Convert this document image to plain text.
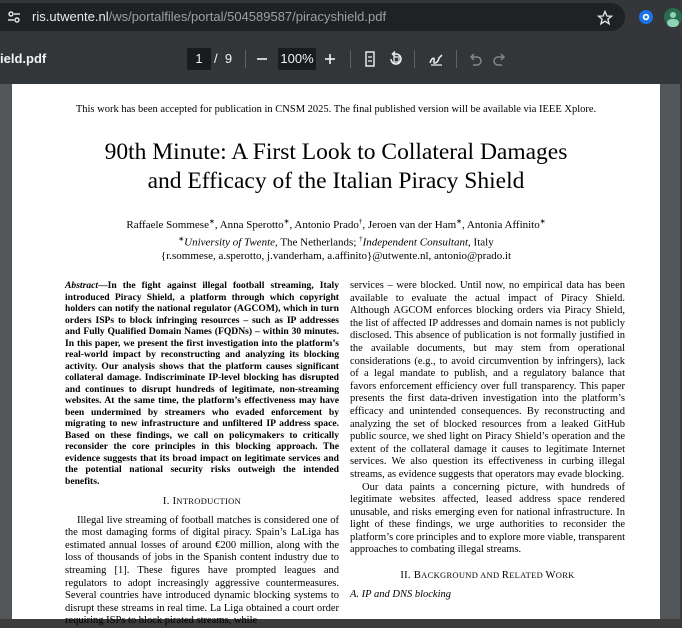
ris.utwente.nl/ws/portalfiles/portal/504589587/piracyshield.pdf
ield.pdf	1 / 9	100%
This work has been accepted for publication in CNSM 2025. The final published version will be available via IEEE Xplore.
90th Minute: A First Look to Collateral Damages
and Efficacy of the Italian Piracy Shield
Raffaele Sommese∗, Anna Sperotto∗, Antonio Prado†, Jeroen van der Ham∗, Antonia Affinito∗
∗University of Twente, The Netherlands; †Independent Consultant, Italy
{r.sommese, a.sperotto, j.vanderham, a.affinito}@utwente.nl, antonio@prado.it

Abstract—In the fight against illegal football streaming, Italy introduced Piracy Shield, a platform through which copyright holders can notify the national regulator (AGCOM), which in turn orders ISPs to block infringing resources – such as IP addresses and Fully Qualified Domain Names (FQDNs) – within 30 minutes. In this paper, we present the first investigation into the platform’s real-world impact by reconstructing and analyzing its blocking activity. Our analysis shows that the platform causes significant collateral damage. Indiscriminate IP-level blocking has disrupted and continues to disrupt hundreds of legitimate, non-streaming websites. At the same time, the platform’s effectiveness may have been undermined by streamers who evaded enforcement by migrating to new infrastructure and unfiltered IP address space. Based on these findings, we call on policymakers to critically reconsider the core principles in this blocking approach. The evidence suggests that its broad impact on legitimate services and the potential national security risks outweigh the intended benefits.

I. INTRODUCTION

Illegal live streaming of football matches is considered one of the most damaging forms of digital piracy. Spain’s LaLiga has estimated annual losses of around €200 million, along with the loss of thousands of jobs in the Spanish content industry due to streaming [1]. These figures have prompted leagues and regulators to adopt increasingly aggressive countermeasures. Several countries have introduced dynamic blocking systems to disrupt these streams in real time. La Liga obtained a court order requiring ISPs to block pirated streams, while

services – were blocked. Until now, no empirical data has been available to evaluate the actual impact of Piracy Shield. Although AGCOM enforces blocking orders via Piracy Shield, the list of affected IP addresses and domain names is not publicly disclosed. This absence of publication is not formally justified in the available documents, but may stem from operational considerations (e.g., to avoid circumvention by infringers), lack of a legal mandate to publish, and a regulatory balance that favors enforcement efficiency over full transparency. This paper presents the first data-driven investigation into the platform’s efficacy and unintended consequences. By reconstructing and analyzing the set of blocked resources from a leaked GitHub public source, we shed light on Piracy Shield’s operation and the extent of the collateral damage it causes to legitimate Internet services. We also question its effectiveness in curbing illegal streams, as evidence suggests that operators may evade blocking.

Our data paints a concerning picture, with hundreds of legitimate websites affected, leased address space rendered unusable, and risks emerging even for national infrastructure. In light of these findings, we urge authorities to reconsider the platform’s core principles and to explore more viable, transparent approaches to combating illegal streams.

II. BACKGROUND AND RELATED WORK
A. IP and DNS blocking
